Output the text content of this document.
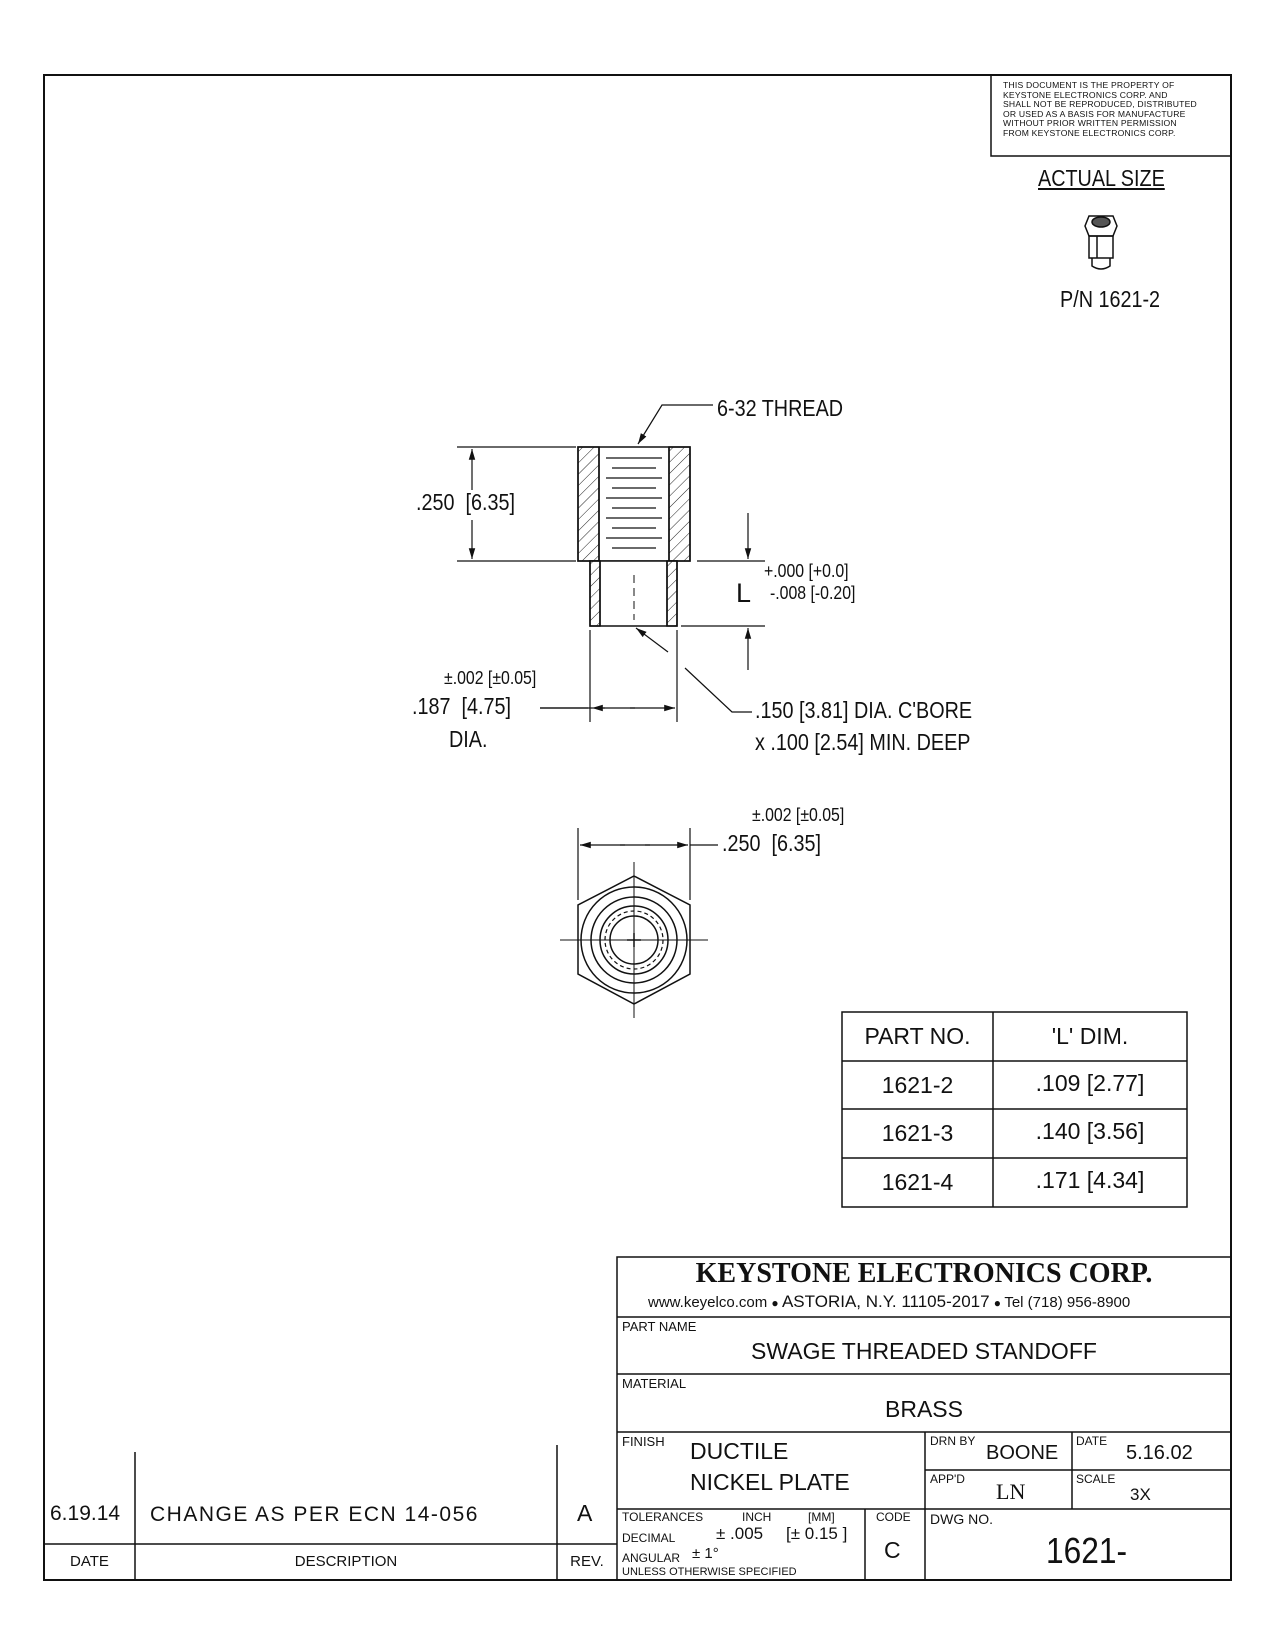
THIS DOCUMENT IS THE PROPERTY OF
KEYSTONE ELECTRONICS CORP. AND
SHALL NOT BE REPRODUCED, DISTRIBUTED
OR USED AS A BASIS FOR MANUFACTURE
WITHOUT PRIOR WRITTEN PERMISSION
FROM KEYSTONE ELECTRONICS CORP.
ACTUAL SIZE
P/N 1621-2
6-32 THREAD
.250  [6.35]
L
+.000 [+0.0]
-.008 [-0.20]
±.002 [±0.05]
.187  [4.75]
DIA.
.150 [3.81] DIA. C'BORE
x .100 [2.54] MIN. DEEP
±.002 [±0.05]
.250  [6.35]
PART NO.	'L' DIM.
1621-2	.109 [2.77]
1621-3	.140 [3.56]
1621-4	.171 [4.34]
KEYSTONE ELECTRONICS CORP.
www.keyelco.com ● ASTORIA, N.Y. 11105-2017 ● Tel (718) 956-8900
PART NAME
SWAGE THREADED STANDOFF
MATERIAL
BRASS
FINISH DUCTILE
NICKEL PLATE
DRN BY
BOONE
DATE
5.16.02
APP'D LN	SCALE
3X
TOLERANCES	INCH	[MM]	CODE
DECIMAL ± .005 [± 0.15 ]
ANGULAR ± 1°
UNLESS OTHERWISE SPECIFIED
C
DWG NO.
1621-
6.19.14 CHANGE AS PER ECN 14-056	A
DATE	DESCRIPTION	REV.
